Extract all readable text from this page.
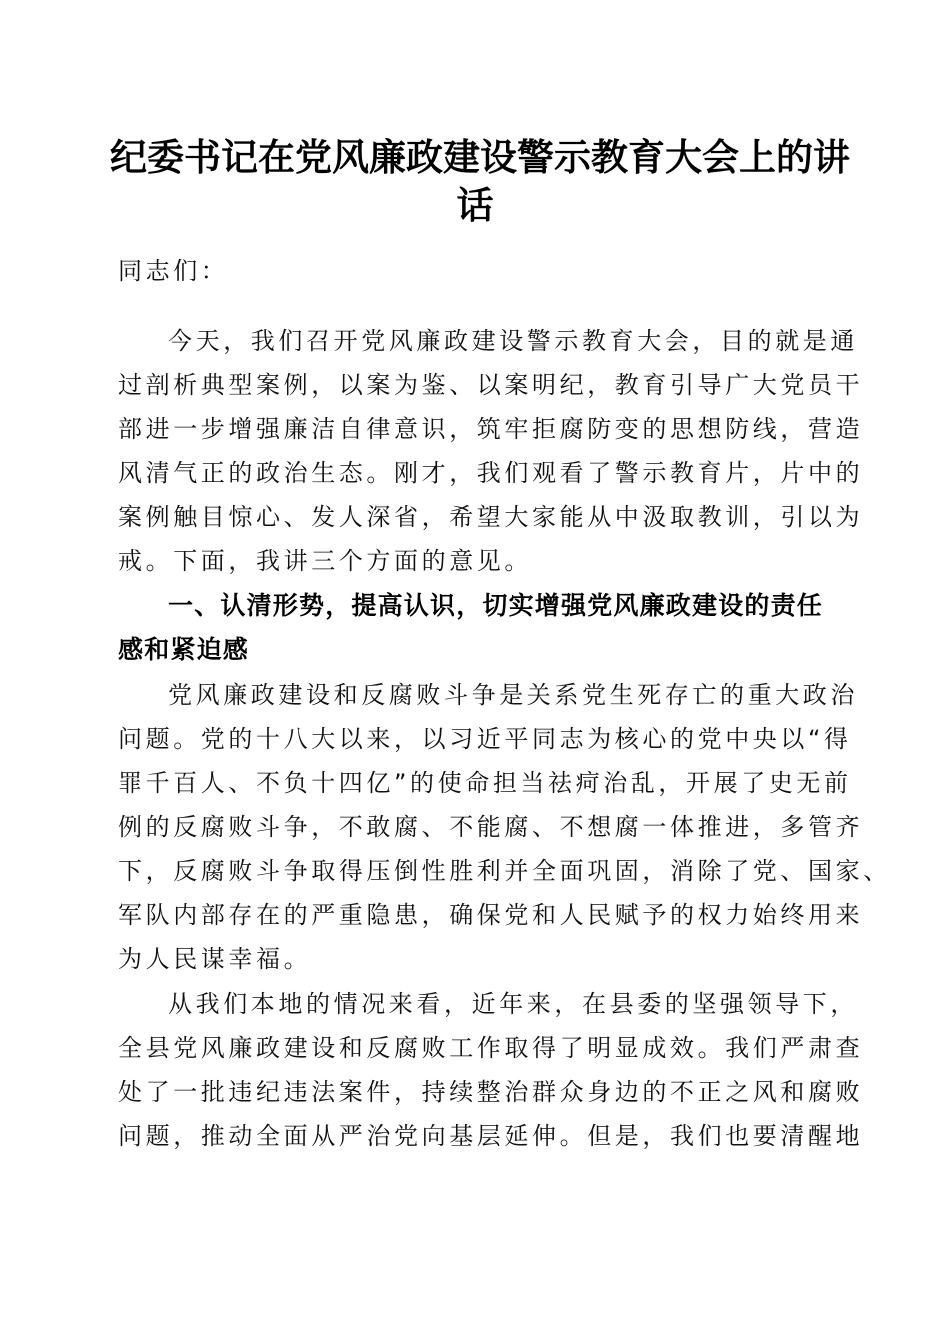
纪委书记在党风廉政建设警示教育大会上的讲
话
同志们：
今天，我们召开党风廉政建设警示教育大会，目的就是通
过剖析典型案例，以案为鉴、以案明纪，教育引导广大党员干
部进一步增强廉洁自律意识，筑牢拒腐防变的思想防线，营造
风清气正的政治生态。刚才，我们观看了警示教育片，片中的
案例触目惊心、发人深省，希望大家能从中汲取教训，引以为
戒。下面，我讲三个方面的意见。
一、认清形势，提高认识，切实增强党风廉政建设的责任
感和紧迫感
党风廉政建设和反腐败斗争是关系党生死存亡的重大政治
问题。党的十八大以来，以习近平同志为核心的党中央以“得
罪千百人、不负十四亿”的使命担当祛疴治乱，开展了史无前
例的反腐败斗争，不敢腐、不能腐、不想腐一体推进，多管齐
下，反腐败斗争取得压倒性胜利并全面巩固，消除了党、国家、
军队内部存在的严重隐患，确保党和人民赋予的权力始终用来
为人民谋幸福。
从我们本地的情况来看，近年来，在县委的坚强领导下，
全县党风廉政建设和反腐败工作取得了明显成效。我们严肃查
处了一批违纪违法案件，持续整治群众身边的不正之风和腐败
问题，推动全面从严治党向基层延伸。但是，我们也要清醒地
